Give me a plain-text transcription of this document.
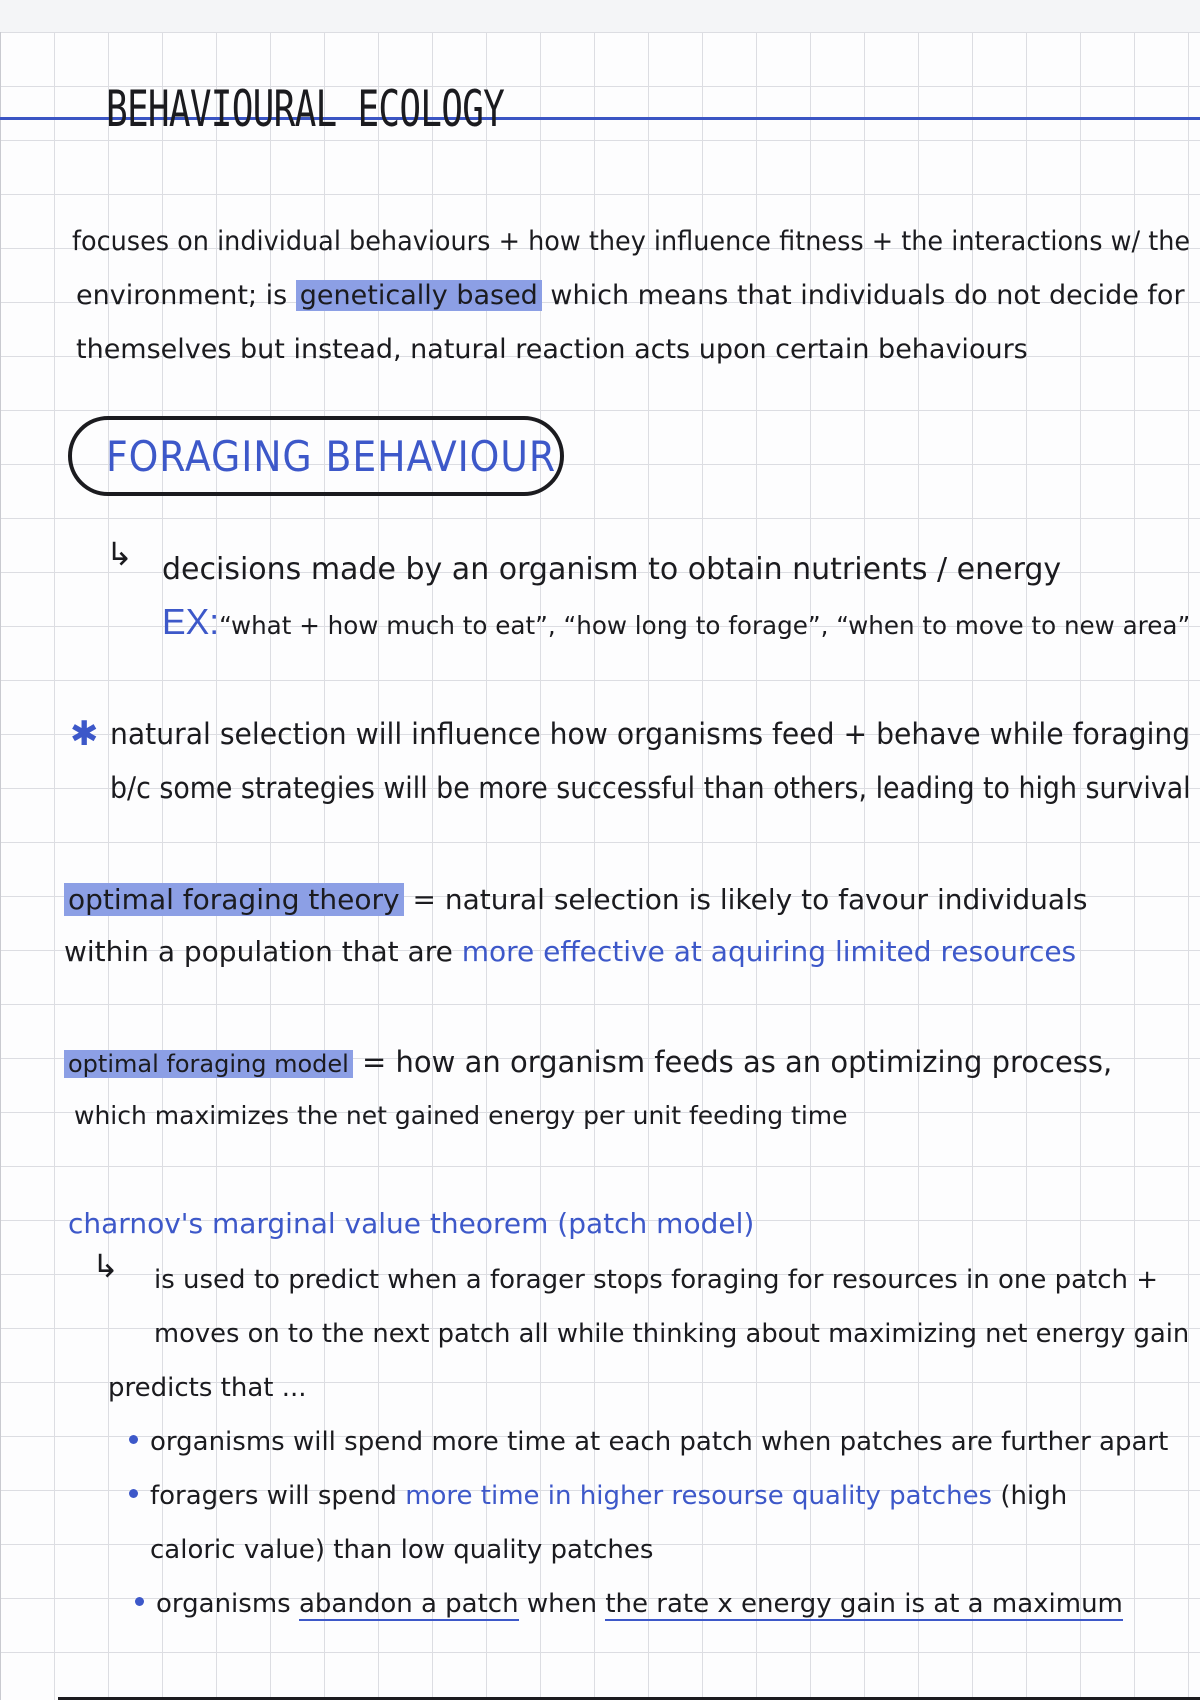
BEHAVIOURAL ECOLOGY
focuses on individual behaviours + how they influence fitness + the interactions w/ the
environment; is genetically based which means that individuals do not decide for
themselves but instead, natural reaction acts upon certain behaviours
FORAGING BEHAVIOUR
↳ decisions made by an organism to obtain nutrients / energy
EX:“what + how much to eat”, “how long to forage”, “when to move to new area”
✱ natural selection will influence how organisms feed + behave while foraging
b/c some strategies will be more successful than others, leading to high survival
optimal foraging theory = natural selection is likely to favour individuals
within a population that are more effective at aquiring limited resources
optimal foraging model = how an organism feeds as an optimizing process,
which maximizes the net gained energy per unit feeding time
charnov's marginal value theorem (patch model)
↳ is used to predict when a forager stops foraging for resources in one patch +
moves on to the next patch all while thinking about maximizing net energy gain
predicts that ...
organisms will spend more time at each patch when patches are further apart
foragers will spend more time in higher resourse quality patches (high
caloric value) than low quality patches
organisms abandon a patch when the rate x energy gain is at a maximum
